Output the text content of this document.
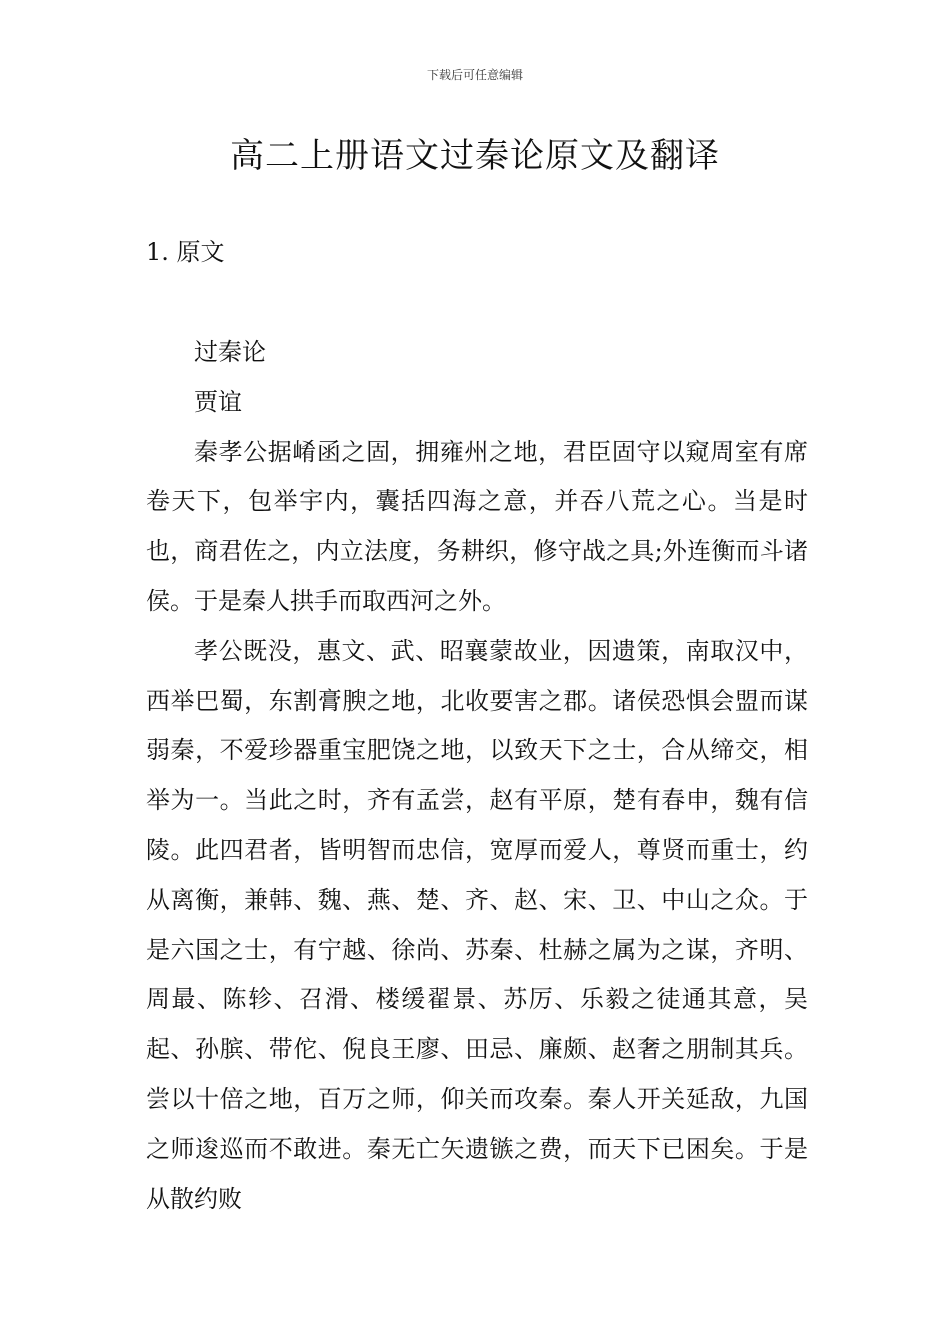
下载后可任意编辑
高二上册语文过秦论原文及翻译
1. 原文

过秦论

贾谊

秦孝公据崤函之固，拥雍州之地，君臣固守以窥周室有席卷天下，包举宇内，囊括四海之意，并吞八荒之心。当是时也，商君佐之，内立法度，务耕织，修守战之具;外连衡而斗诸侯。于是秦人拱手而取西河之外。

孝公既没，惠文、武、昭襄蒙故业，因遗策，南取汉中，西举巴蜀，东割膏腴之地，北收要害之郡。诸侯恐惧会盟而谋弱秦，不爱珍器重宝肥饶之地，以致天下之士，合从缔交，相举为一。当此之时，齐有孟尝，赵有平原，楚有春申，魏有信陵。此四君者，皆明智而忠信，宽厚而爱人，尊贤而重士，约从离衡，兼韩、魏、燕、楚、齐、赵、宋、卫、中山之众。于是六国之士，有宁越、徐尚、苏秦、杜赫之属为之谋，齐明、周最、陈轸、召滑、楼缓翟景、苏厉、乐毅之徒通其意，吴起、孙膑、带佗、倪良王廖、田忌、廉颇、赵奢之朋制其兵。尝以十倍之地，百万之师，仰关而攻秦。秦人开关延敌，九国之师逡巡而不敢进。秦无亡矢遗镞之费，而天下已困矣。于是从散约败
